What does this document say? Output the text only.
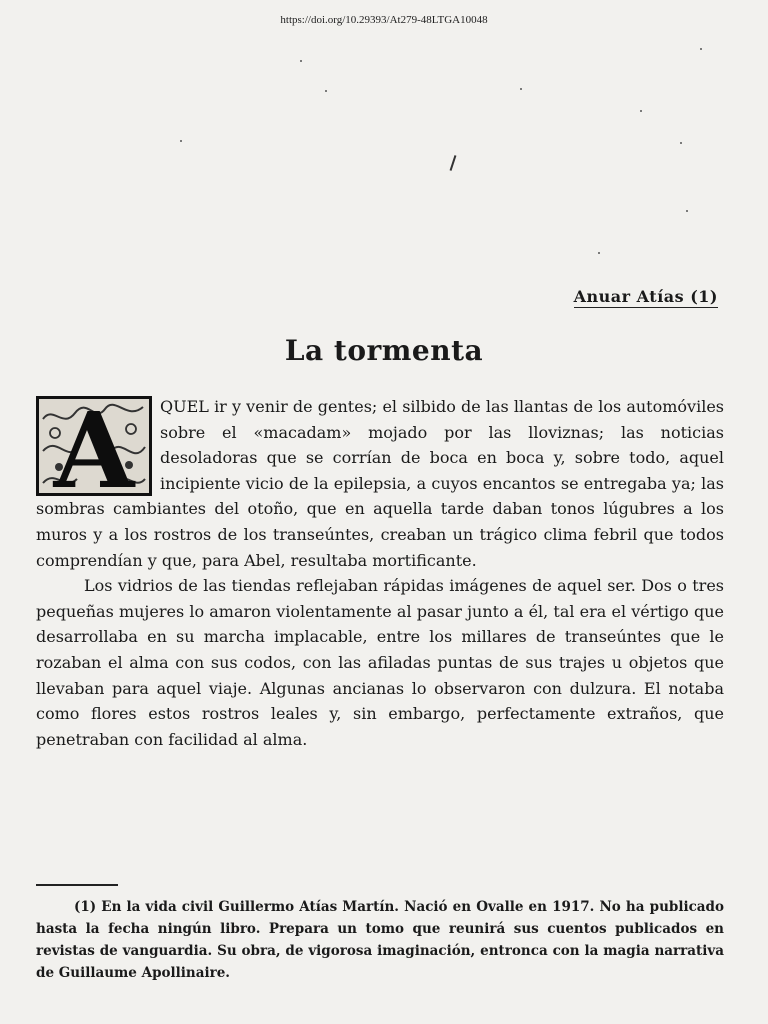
https://doi.org/10.29393/At279-48LTGA10048
Anuar Atías (1)
La tormenta
A	QUEL ir y venir de gentes; el silbido de las llantas de los automóviles sobre el «macadam» mojado por las lloviznas; las noticias desoladoras que se corrían de boca en boca y, sobre todo, aquel incipiente vicio de la epilepsia, a cuyos encantos se entregaba ya; las sombras cambiantes del otoño, que en aquella tarde daban tonos lúgubres a los muros y a los rostros de los transeúntes, creaban un trágico clima febril que todos comprendían y que, para Abel, resultaba mortificante.

Los vidrios de las tiendas reflejaban rápidas imágenes de aquel ser. Dos o tres pequeñas mujeres lo amaron violentamente al pasar junto a él, tal era el vértigo que desarrollaba en su marcha implacable, entre los millares de transeúntes que le rozaban el alma con sus codos, con las afiladas puntas de sus trajes u objetos que llevaban para aquel viaje. Algunas ancianas lo observaron con dulzura. El notaba como flores estos rostros leales y, sin embargo, perfectamente extraños, que penetraban con facilidad al alma.

(1) En la vida civil Guillermo Atías Martín. Nació en Ovalle en 1917. No ha publicado hasta la fecha ningún libro. Prepara un tomo que reunirá sus cuentos publicados en revistas de vanguardia. Su obra, de vigorosa imaginación, entronca con la magia narrativa de Guillaume Apollinaire.
